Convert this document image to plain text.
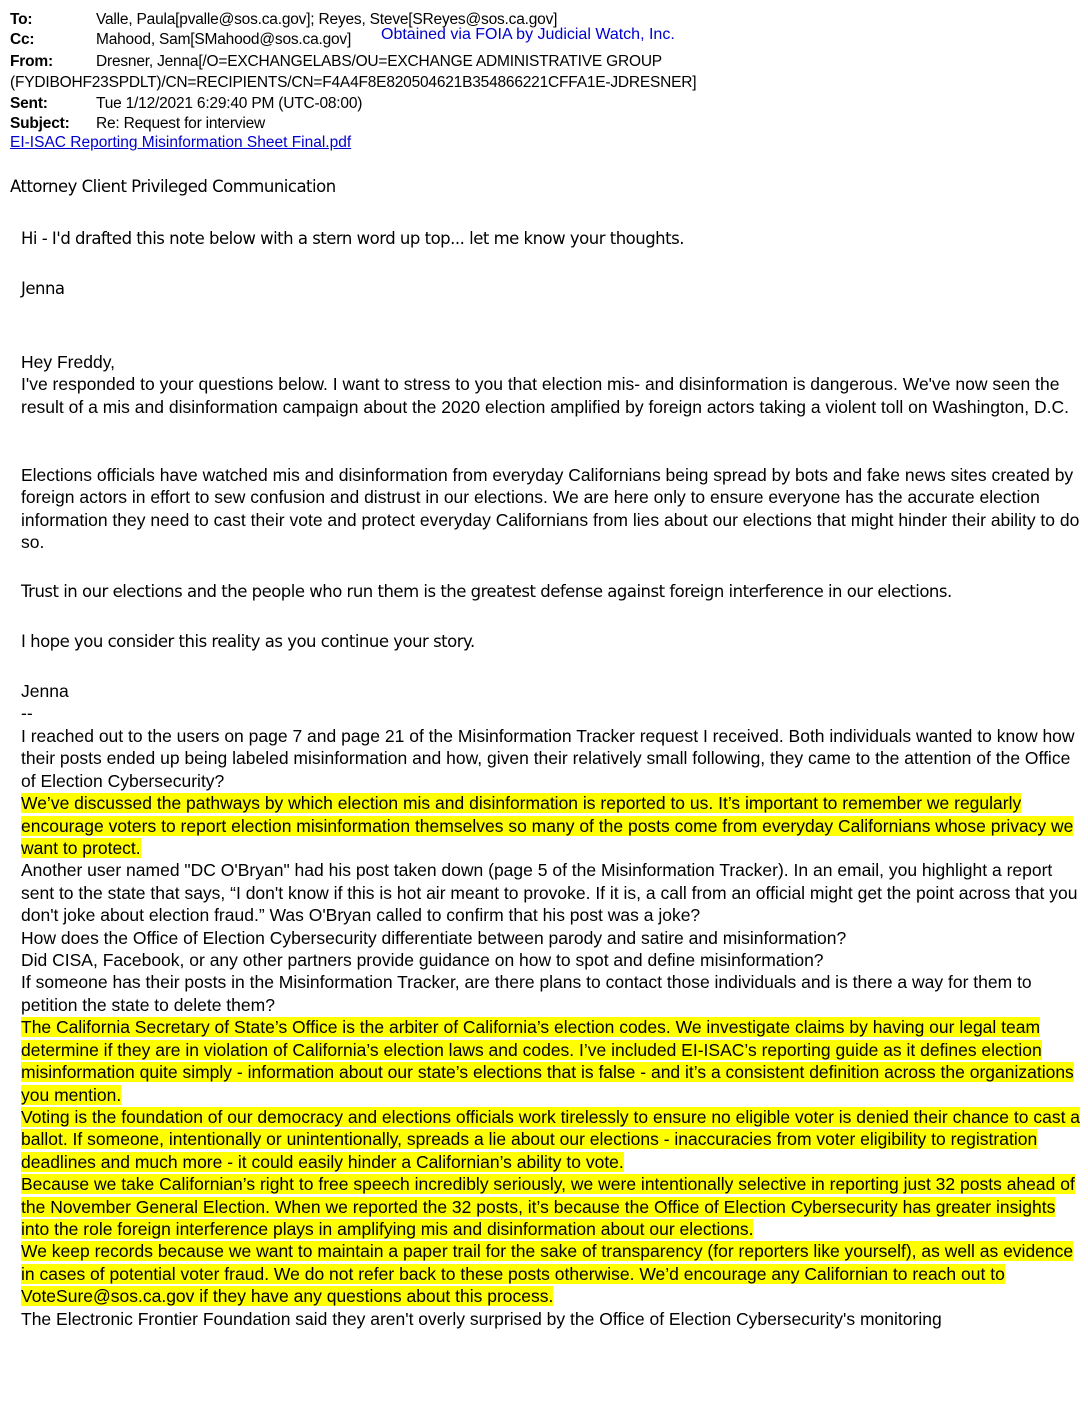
To:	Valle, Paula[pvalle@sos.ca.gov]; Reyes, Steve[SReyes@sos.ca.gov]
Obtained via FOIA by Judicial Watch, Inc.
Cc:	Mahood, Sam[SMahood@sos.ca.gov]
From:	Dresner, Jenna[/O=EXCHANGELABS/OU=EXCHANGE ADMINISTRATIVE GROUP
(FYDIBOHF23SPDLT)/CN=RECIPIENTS/CN=F4A4F8E820504621B354866221CFFA1E-JDRESNER]
Sent:	Tue 1/12/2021 6:29:40 PM (UTC-08:00)
Subject: Re: Request for interview
EI-ISAC Reporting Misinformation Sheet Final.pdf
Attorney Client Privileged Communication
Hi - I'd drafted this note below with a stern word up top... let me know your thoughts.
Jenna

Hey Freddy,

I've responded to your questions below. I want to stress to you that election mis- and disinformation is dangerous. We've now seen the result of a mis and disinformation campaign about the 2020 election amplified by foreign actors taking a violent toll on Washington, D.C.

Elections officials have watched mis and disinformation from everyday Californians being spread by bots and fake news sites created by foreign actors in effort to sew confusion and distrust in our elections. We are here only to ensure everyone has the accurate election information they need to cast their vote and protect everyday Californians from lies about our elections that might hinder their ability to do so.

Trust in our elections and the people who run them is the greatest defense against foreign interference in our elections.
I hope you consider this reality as you continue your story.

Jenna

--

I reached out to the users on page 7 and page 21 of the Misinformation Tracker request I received. Both individuals wanted to know how their posts ended up being labeled misinformation and how, given their relatively small following, they came to the attention of the Office of Election Cybersecurity?

We’ve discussed the pathways by which election mis and disinformation is reported to us. It’s important to remember we regularly encourage voters to report election misinformation themselves so many of the posts come from everyday Californians whose privacy we want to protect.

Another user named "DC O'Bryan" had his post taken down (page 5 of the Misinformation Tracker). In an email, you highlight a report sent to the state that says, “I don't know if this is hot air meant to provoke. If it is, a call from an official might get the point across that you don't joke about election fraud.” Was O'Bryan called to confirm that his post was a joke?

How does the Office of Election Cybersecurity differentiate between parody and satire and misinformation?

Did CISA, Facebook, or any other partners provide guidance on how to spot and define misinformation?

If someone has their posts in the Misinformation Tracker, are there plans to contact those individuals and is there a way for them to petition the state to delete them?

The California Secretary of State’s Office is the arbiter of California’s election codes. We investigate claims by having our legal team determine if they are in violation of California’s election laws and codes. I’ve included EI-ISAC’s reporting guide as it defines election misinformation quite simply - information about our state’s elections that is false - and it’s a consistent definition across the organizations you mention.

Voting is the foundation of our democracy and elections officials work tirelessly to ensure no eligible voter is denied their chance to cast a ballot. If someone, intentionally or unintentionally, spreads a lie about our elections - inaccuracies from voter eligibility to registration deadlines and much more - it could easily hinder a Californian’s ability to vote.

Because we take Californian’s right to free speech incredibly seriously, we were intentionally selective in reporting just 32 posts ahead of the November General Election. When we reported the 32 posts, it’s because the Office of Election Cybersecurity has greater insights into the role foreign interference plays in amplifying mis and disinformation about our elections.

We keep records because we want to maintain a paper trail for the sake of transparency (for reporters like yourself), as well as evidence in cases of potential voter fraud. We do not refer back to these posts otherwise. We’d encourage any Californian to reach out to VoteSure@sos.ca.gov if they have any questions about this process.

The Electronic Frontier Foundation said they aren't overly surprised by the Office of Election Cybersecurity's monitoring
